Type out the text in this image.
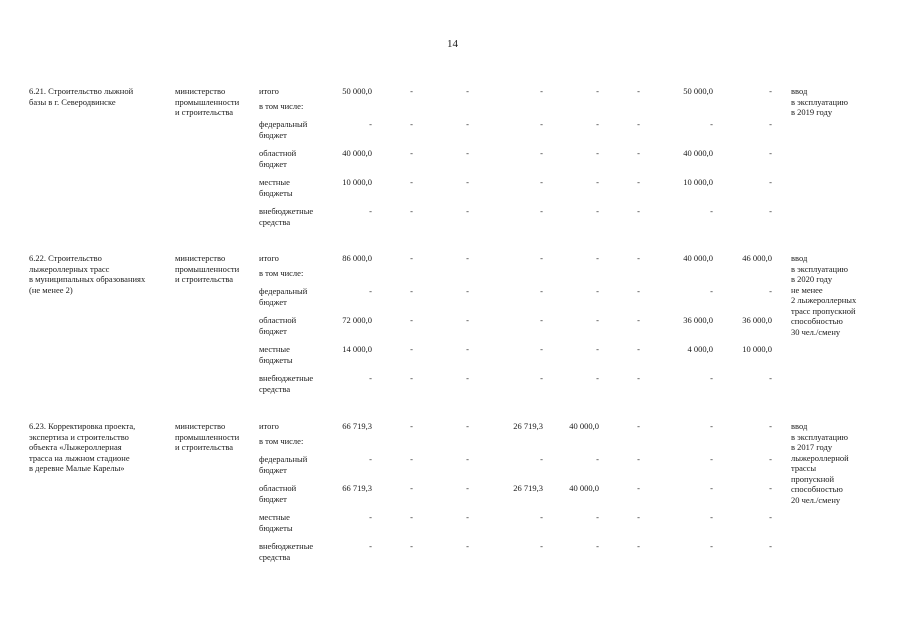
14
6.21. Строительство лыжной
базы в г. Северодвинске
министерство
промышленности
и строительства
ввод
в эксплуатацию
в 2019 году
итого	50 000,0	-	-	-	-	-	50 000,0	-
в том числе:
федеральный
бюджет
-	-	-	-	-	-	-	-
областной
бюджет
40 000,0	-	-	-	-	-	40 000,0	-
местные
бюджеты
10 000,0	-	-	-	-	-	10 000,0	-
внебюджетные
средства
-	-	-	-	-	-	-	-
6.22. Строительство
лыжероллерных трасс
в муниципальных образованиях
(не менее 2)
министерство
промышленности
и строительства
ввод
в эксплуатацию
в 2020 году
не менее
2 лыжероллерных
трасс пропускной
способностью
30 чел./смену
итого	86 000,0	-	-	-	-	-	40 000,0	46 000,0
в том числе:
федеральный
бюджет
-	-	-	-	-	-	-	-
областной
бюджет
72 000,0	-	-	-	-	-	36 000,0	36 000,0
местные
бюджеты
14 000,0	-	-	-	-	-	4 000,0	10 000,0
внебюджетные
средства
-	-	-	-	-	-	-	-
6.23. Корректировка проекта,
экспертиза и строительство
объекта «Лыжероллерная
трасса на лыжном стадионе
в деревне Малые Карелы»
министерство
промышленности
и строительства
ввод
в эксплуатацию
в 2017 году
лыжероллерной
трассы
пропускной
способностью
20 чел./смену
итого	66 719,3	-	-	26 719,3	40 000,0	-	-	-
в том числе:
федеральный
бюджет
-	-	-	-	-	-	-	-
областной
бюджет
66 719,3	-	-	26 719,3	40 000,0	-	-	-
местные
бюджеты
-	-	-	-	-	-	-	-
внебюджетные
средства
-	-	-	-	-	-	-	-
